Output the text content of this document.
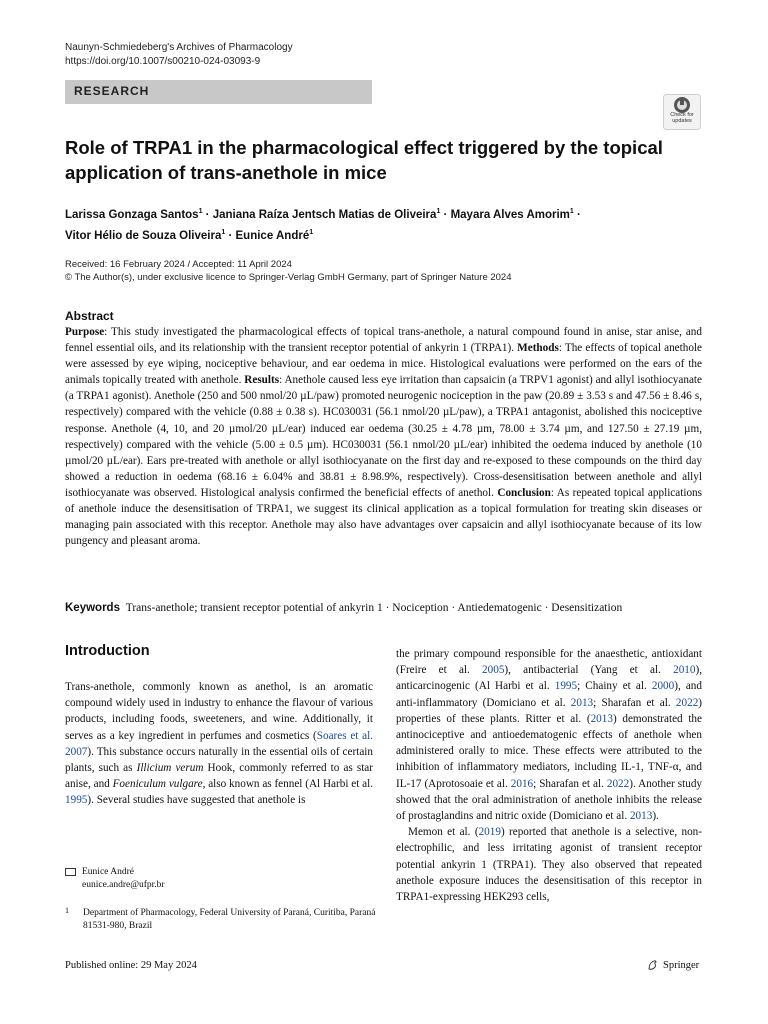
Naunyn-Schmiedeberg's Archives of Pharmacology
https://doi.org/10.1007/s00210-024-03093-9
RESEARCH
Check for
updates
Role of TRPA1 in the pharmacological effect triggered by the topical application of trans-anethole in mice
Larissa Gonzaga Santos$^1$ · Janiana Raíza Jentsch Matias de Oliveira$^1$ · Mayara Alves Amorim$^1$ ·
Vitor Hélio de Souza Oliveira$^1$ · Eunice André$^1$
Received: 16 February 2024 / Accepted: 11 April 2024
© The Author(s), under exclusive licence to Springer-Verlag GmbH Germany, part of Springer Nature 2024
Abstract
Purpose: This study investigated the pharmacological effects of topical trans-anethole, a natural compound found in anise, star anise, and fennel essential oils, and its relationship with the transient receptor potential of ankyrin 1 (TRPA1). Methods: The effects of topical anethole were assessed by eye wiping, nociceptive behaviour, and ear oedema in mice. Histological evaluations were performed on the ears of the animals topically treated with anethole. Results: Anethole caused less eye irritation than capsaicin (a TRPV1 agonist) and allyl isothiocyanate (a TRPA1 agonist). Anethole (250 and 500 nmol/20 µL/paw) promoted neurogenic nociception in the paw (20.89 ± 3.53 s and 47.56 ± 8.46 s, respectively) compared with the vehicle (0.88 ± 0.38 s). HC030031 (56.1 nmol/20 µL/paw), a TRPA1 antagonist, abolished this nociceptive response. Anethole (4, 10, and 20 µmol/20 µL/ear) induced ear oedema (30.25 ± 4.78 µm, 78.00 ± 3.74 µm, and 127.50 ± 27.19 µm, respectively) compared with the vehicle (5.00 ± 0.5 µm). HC030031 (56.1 nmol/20 µL/ear) inhibited the oedema induced by anethole (10 µmol/20 µL/ear). Ears pre-treated with anethole or allyl isothiocyanate on the first day and re-exposed to these compounds on the third day showed a reduction in oedema (68.16 ± 6.04% and 38.81 ± 8.98.9%, respectively). Cross-desensitisation between anethole and allyl isothiocyanate was observed. Histological analysis confirmed the beneficial effects of anethol. Conclusion: As repeated topical applications of anethole induce the desensitisation of TRPA1, we suggest its clinical application as a topical formulation for treating skin diseases or managing pain associated with this receptor. Anethole may also have advantages over capsaicin and allyl isothiocyanate because of its low pungency and pleasant aroma.
Keywords Trans-anethole; transient receptor potential of ankyrin 1 · Nociception · Antiedematogenic · Desensitization
Introduction
Trans-anethole, commonly known as anethol, is an aromatic compound widely used in industry to enhance the flavour of various products, including foods, sweeteners, and wine. Additionally, it serves as a key ingredient in perfumes and cosmetics (Soares et al. 2007). This substance occurs naturally in the essential oils of certain plants, such as Illicium verum Hook, commonly referred to as star anise, and Foeniculum vulgare, also known as fennel (Al Harbi et al. 1995). Several studies have suggested that anethole is
the primary compound responsible for the anaesthetic, antioxidant (Freire et al. 2005), antibacterial (Yang et al. 2010), anticarcinogenic (Al Harbi et al. 1995; Chainy et al. 2000), and anti-inflammatory (Domiciano et al. 2013; Sharafan et al. 2022) properties of these plants. Ritter et al. (2013) demonstrated the antinociceptive and antioedematogenic effects of anethole when administered orally to mice. These effects were attributed to the inhibition of inflammatory mediators, including IL-1, TNF-α, and IL-17 (Aprotosoaie et al. 2016; Sharafan et al. 2022). Another study showed that the oral administration of anethole inhibits the release of prostaglandins and nitric oxide (Domiciano et al. 2013).
Memon et al. (2019) reported that anethole is a selective, non-electrophilic, and less irritating agonist of transient receptor potential ankyrin 1 (TRPA1). They also observed that repeated anethole exposure induces the desensitisation of this receptor in TRPA1-expressing HEK293 cells,
Eunice André
eunice.andre@ufpr.br
1 Department of Pharmacology, Federal University of Paraná, Curitiba, Paraná 81531-980, Brazil
Published online: 29 May 2024	Springer
